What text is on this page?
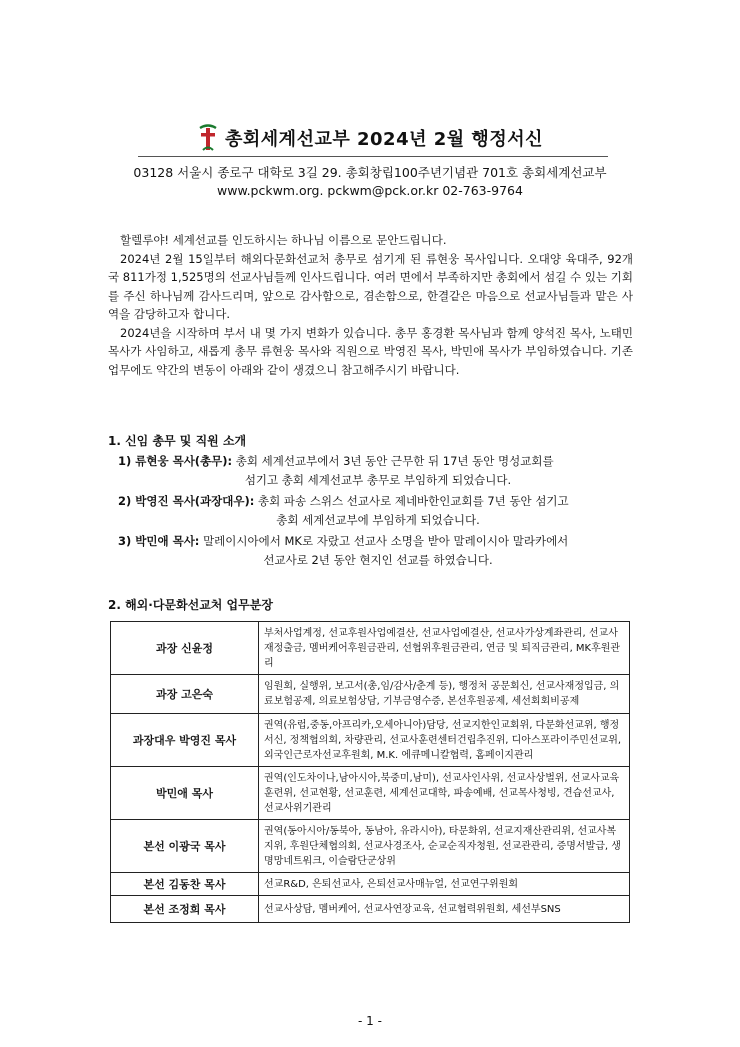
총회세계선교부 2024년 2월 행정서신
03128 서울시 종로구 대학로 3길 29. 총회창립100주년기념관 701호 총회세계선교부
www.pckwm.org. pckwm@pck.or.kr 02-763-9764

할렐루야! 세계선교를 인도하시는 하나님 이름으로 문안드립니다.

2024년 2월 15일부터 해외다문화선교처 총무로 섬기게 된 류현웅 목사입니다. 오대양 육대주, 92개국 811가정 1,525명의 선교사님들께 인사드립니다. 여러 면에서 부족하지만 총회에서 섬길 수 있는 기회를 주신 하나님께 감사드리며, 앞으로 감사함으로, 겸손함으로, 한결같은 마음으로 선교사님들과 맡은 사역을 감당하고자 합니다.

2024년을 시작하며 부서 내 몇 가지 변화가 있습니다. 총무 홍경환 목사님과 함께 양석진 목사, 노태민 목사가 사임하고, 새롭게 총무 류현웅 목사와 직원으로 박영진 목사, 박민애 목사가 부임하였습니다. 기존 업무에도 약간의 변동이 아래와 같이 생겼으니 참고해주시기 바랍니다.

1. 신임 총무 및 직원 소개
1) 류현웅 목사(총무): 총회 세계선교부에서 3년 동안 근무한 뒤 17년 동안 명성교회를
섬기고 총회 세계선교부 총무로 부임하게 되었습니다.
2) 박영진 목사(과장대우): 총회 파송 스위스 선교사로 제네바한인교회를 7년 동안 섬기고
총회 세계선교부에 부임하게 되었습니다.
3) 박민애 목사: 말레이시아에서 MK로 자랐고 선교사 소명을 받아 말레이시아 말라카에서
선교사로 2년 동안 현지인 선교를 하였습니다.
2. 해외·다문화선교처 업무분장
과장 신윤정	부처사업계정, 선교후원사업예결산, 선교사업예결산, 선교사가상계좌관리, 선교사재정출금, 멤버케어후원금관리, 선협위후원금관리, 연금 및 퇴직금관리, MK후원관리
과장 고은숙	임원회, 실행위, 보고서(총,임/감사/춘계 등), 행정처 공문회신, 선교사재정입금, 의료보험공제, 의료보험상담, 기부금영수증, 본선후원공제, 세선회회비공제
과장대우 박영진 목사	권역(유럽,중동,아프리카,오세아니아)담당, 선교지한인교회위, 다문화선교위, 행정서신, 정책협의회, 차량관리, 선교사훈련센터건립추진위, 디아스포라이주민선교위, 외국인근로자선교후원회, M.K. 에큐메니칼협력, 홈페이지관리
박민애 목사	권역(인도차이나,남아시아,북중미,남미), 선교사인사위, 선교사상벌위, 선교사교육훈련위, 선교현황, 선교훈련, 세계선교대학, 파송예배, 선교목사청빙, 견습선교사, 선교사위기관리
본선 이광국 목사	권역(동아시아/동북아, 동남아, 유라시아), 타문화위, 선교지재산관리위, 선교사복지위, 후원단체협의회, 선교사경조사, 순교순직자청원, 선교관관리, 증명서발급, 생명망네트워크, 이슬람단군상위
본선 김동찬 목사	선교R&D, 은퇴선교사, 은퇴선교사매뉴얼, 선교연구위원회
본선 조정희 목사	선교사상담, 멤버케어, 선교사연장교육, 선교협력위원회, 세선부SNS
- 1 -
